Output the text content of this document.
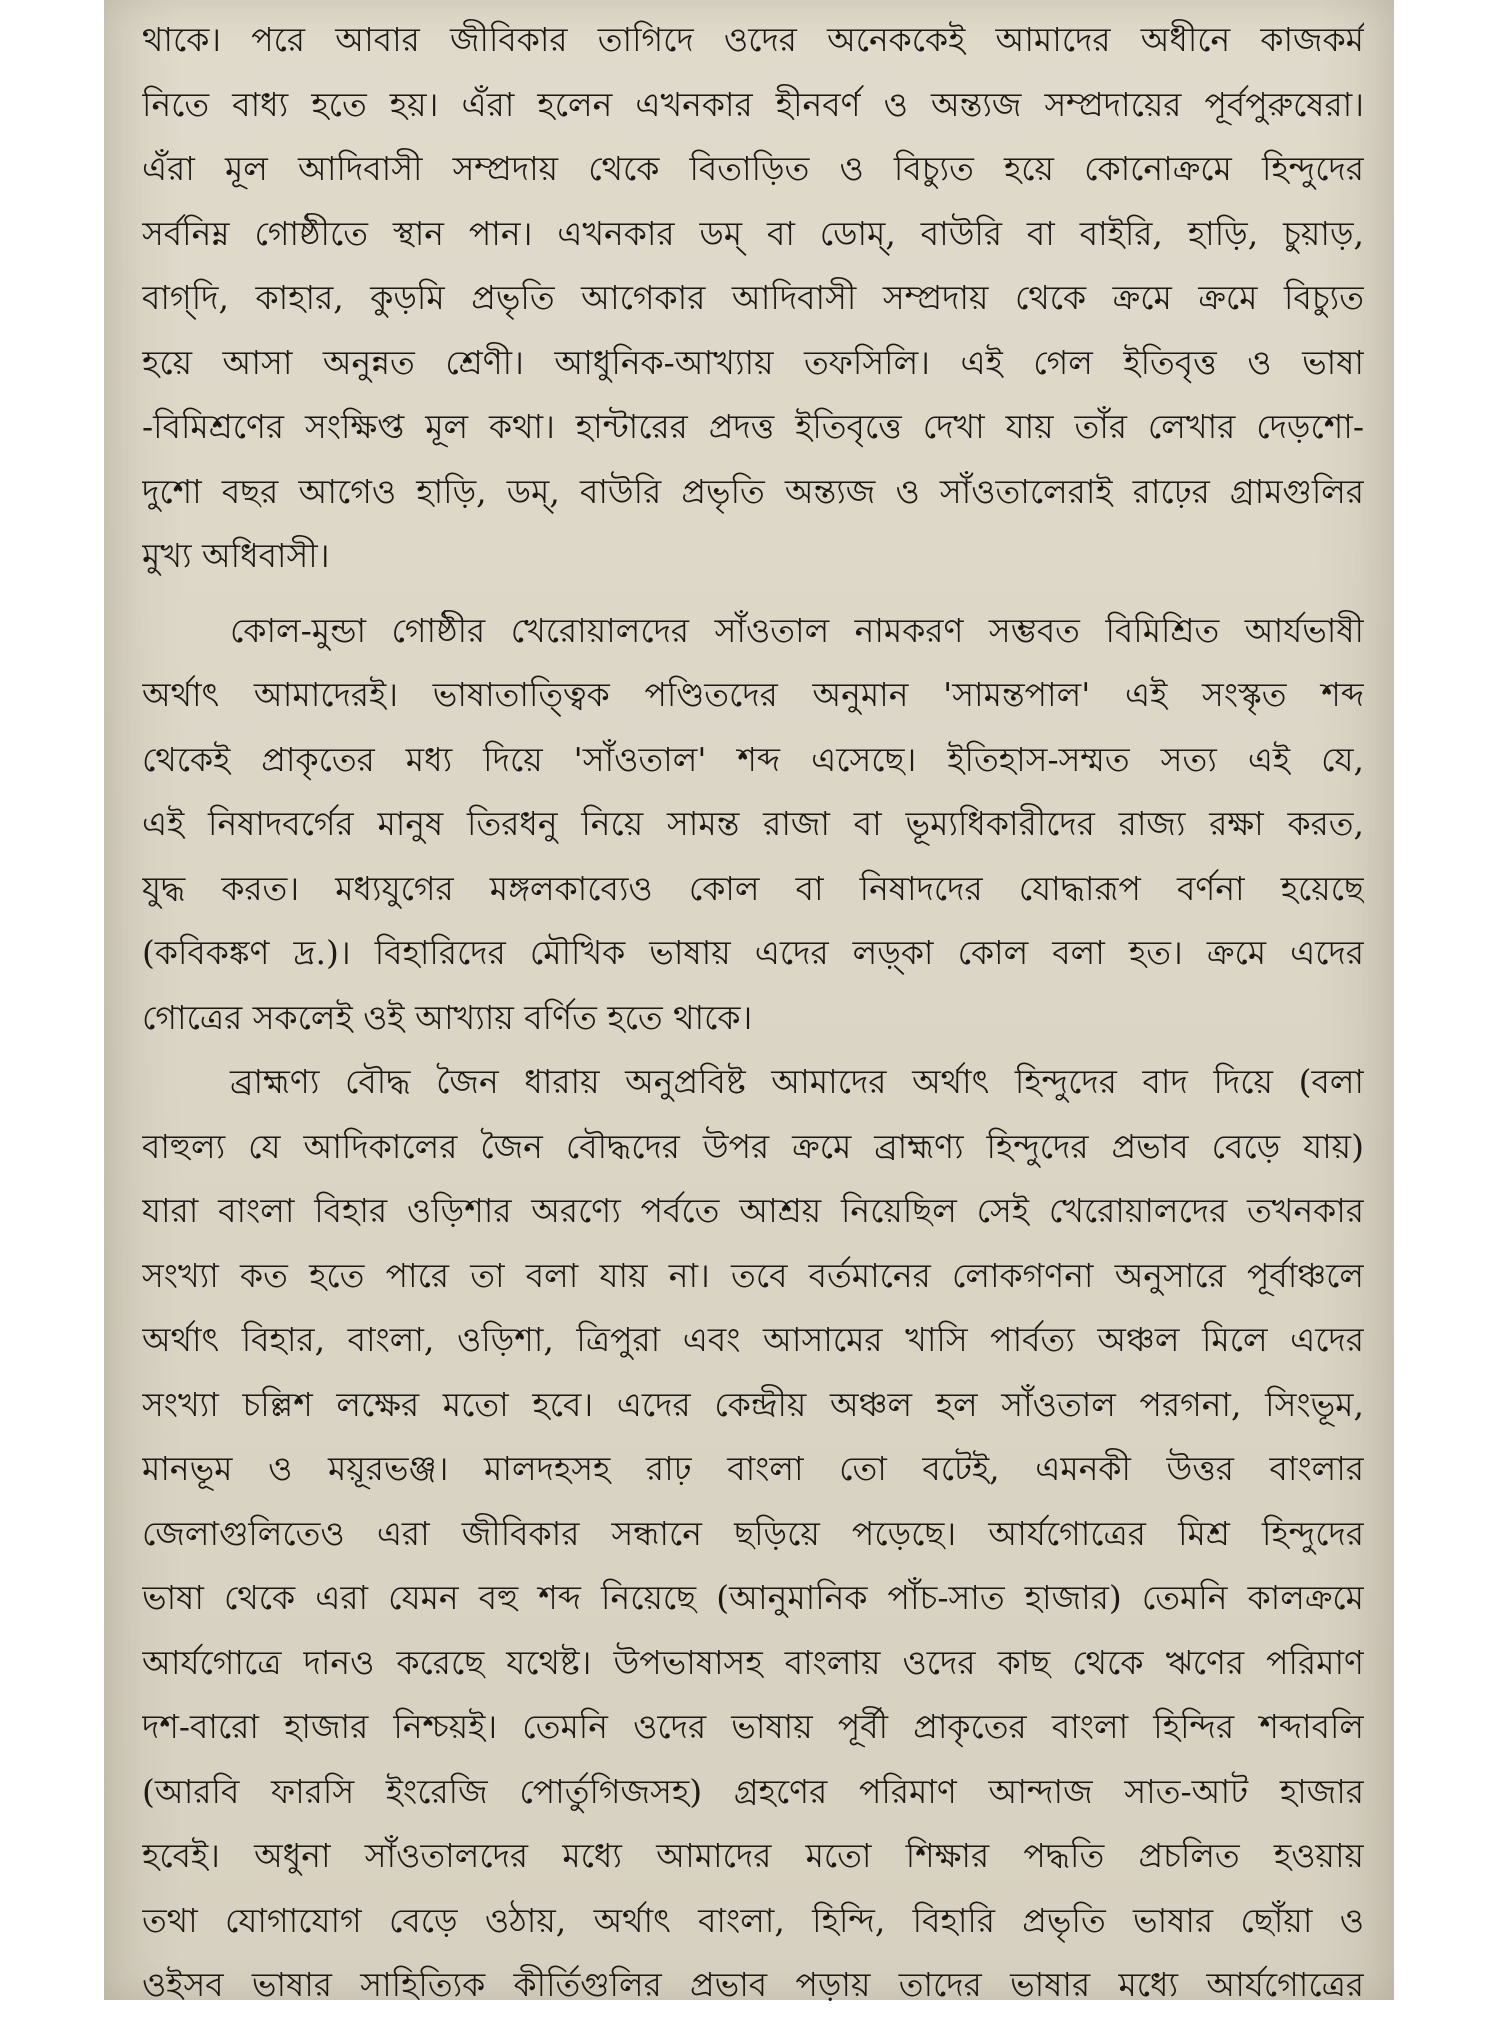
থাকে। পরে আবার জীবিকার তাগিদে ওদের অনেককেই আমাদের অধীনে কাজকর্ম
নিতে বাধ্য হতে হয়। এঁরা হলেন এখনকার হীনবর্ণ ও অন্ত্যজ সম্প্রদায়ের পূর্বপুরুষেরা।
এঁরা মূল আদিবাসী সম্প্রদায় থেকে বিতাড়িত ও বিচ্যুত হয়ে কোনোক্রমে হিন্দুদের
সর্বনিম্ন গোষ্ঠীতে স্থান পান। এখনকার ডম্ বা ডোম্, বাউরি বা বাইরি, হাড়ি, চুয়াড়,
বাগ্‌দি, কাহার, কুড়মি প্রভৃতি আগেকার আদিবাসী সম্প্রদায় থেকে ক্রমে ক্রমে বিচ্যুত
হয়ে আসা অনুন্নত শ্রেণী। আধুনিক-আখ্যায় তফসিলি। এই গেল ইতিবৃত্ত ও ভাষা
-বিমিশ্রণের সংক্ষিপ্ত মূল কথা। হান্টারের প্রদত্ত ইতিবৃত্তে দেখা যায় তাঁর লেখার দেড়শো-
দুশো বছর আগেও হাড়ি, ডম্, বাউরি প্রভৃতি অন্ত্যজ ও সাঁওতালেরাই রাঢ়ের গ্রামগুলির
মুখ্য অধিবাসী।
কোল-মুন্ডা গোষ্ঠীর খেরোয়ালদের সাঁওতাল নামকরণ সম্ভবত বিমিশ্রিত আর্যভাষী
অর্থাৎ আমাদেরই। ভাষাতাত্ত্বিক পণ্ডিতদের অনুমান 'সামন্তপাল' এই সংস্কৃত শব্দ
থেকেই প্রাকৃতের মধ্য দিয়ে 'সাঁওতাল' শব্দ এসেছে। ইতিহাস-সম্মত সত্য এই যে,
এই নিষাদবর্গের মানুষ তিরধনু নিয়ে সামন্ত রাজা বা ভূম্যধিকারীদের রাজ্য রক্ষা করত,
যুদ্ধ করত। মধ্যযুগের মঙ্গলকাব্যেও কোল বা নিষাদদের যোদ্ধারূপ বর্ণনা হয়েছে
(কবিকঙ্কণ দ্র.)। বিহারিদের মৌখিক ভাষায় এদের লড়্‌কা কোল বলা হত। ক্রমে এদের
গোত্রের সকলেই ওই আখ্যায় বর্ণিত হতে থাকে।
ব্রাহ্মণ্য বৌদ্ধ জৈন ধারায় অনুপ্রবিষ্ট আমাদের অর্থাৎ হিন্দুদের বাদ দিয়ে (বলা
বাহুল্য যে আদিকালের জৈন বৌদ্ধদের উপর ক্রমে ব্রাহ্মণ্য হিন্দুদের প্রভাব বেড়ে যায়)
যারা বাংলা বিহার ওড়িশার অরণ্যে পর্বতে আশ্রয় নিয়েছিল সেই খেরোয়ালদের তখনকার
সংখ্যা কত হতে পারে তা বলা যায় না। তবে বর্তমানের লোকগণনা অনুসারে পূর্বাঞ্চলে
অর্থাৎ বিহার, বাংলা, ওড়িশা, ত্রিপুরা এবং আসামের খাসি পার্বত্য অঞ্চল মিলে এদের
সংখ্যা চল্লিশ লক্ষের মতো হবে। এদের কেন্দ্রীয় অঞ্চল হল সাঁওতাল পরগনা, সিংভূম,
মানভূম ও ময়ূরভঞ্জ। মালদহসহ রাঢ় বাংলা তো বটেই, এমনকী উত্তর বাংলার
জেলাগুলিতেও এরা জীবিকার সন্ধানে ছড়িয়ে পড়েছে। আর্যগোত্রের মিশ্র হিন্দুদের
ভাষা থেকে এরা যেমন বহু শব্দ নিয়েছে (আনুমানিক পাঁচ-সাত হাজার) তেমনি কালক্রমে
আর্যগোত্রে দানও করেছে যথেষ্ট। উপভাষাসহ বাংলায় ওদের কাছ থেকে ঋণের পরিমাণ
দশ-বারো হাজার নিশ্চয়ই। তেমনি ওদের ভাষায় পূর্বী প্রাকৃতের বাংলা হিন্দির শব্দাবলি
(আরবি ফারসি ইংরেজি পোর্তুগিজসহ) গ্রহণের পরিমাণ আন্দাজ সাত-আট হাজার
হবেই। অধুনা সাঁওতালদের মধ্যে আমাদের মতো শিক্ষার পদ্ধতি প্রচলিত হওয়ায়
তথা যোগাযোগ বেড়ে ওঠায়, অর্থাৎ বাংলা, হিন্দি, বিহারি প্রভৃতি ভাষার ছোঁয়া ও
ওইসব ভাষার সাহিত্যিক কীর্তিগুলির প্রভাব পড়ায় তাদের ভাষার মধ্যে আর্যগোত্রের
